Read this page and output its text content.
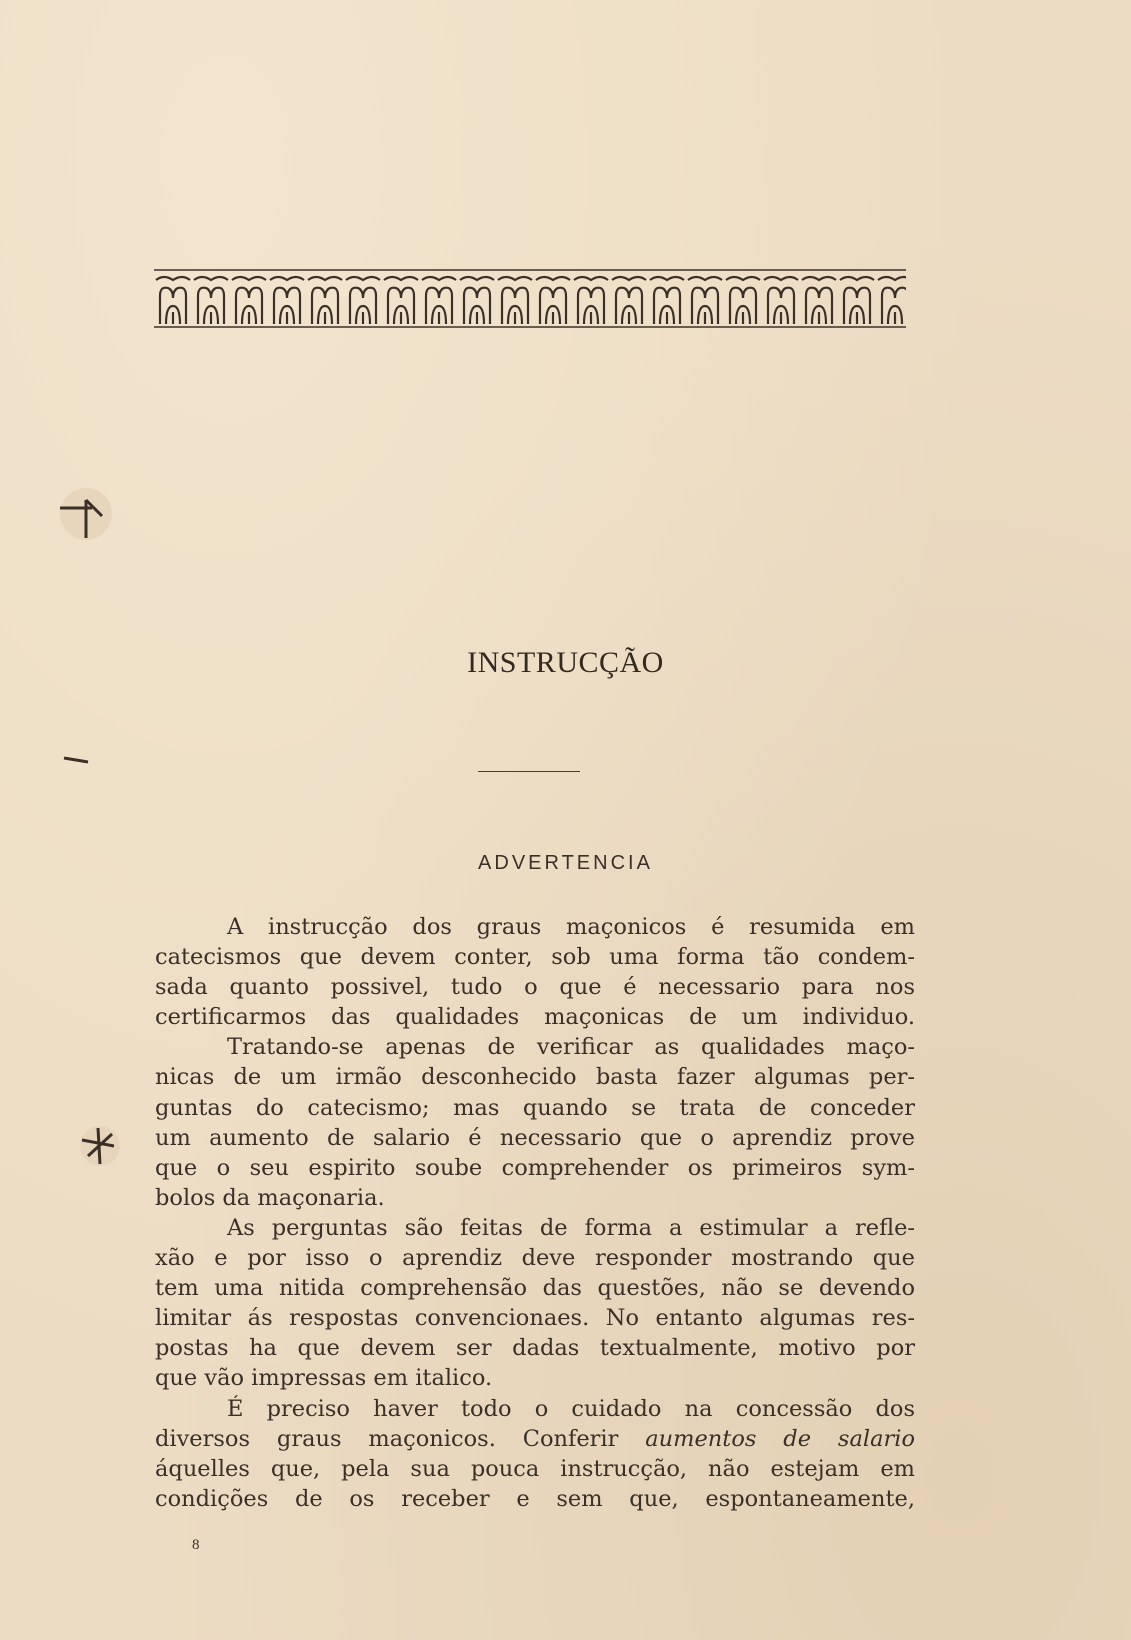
INSTRUCÇÃO
ADVERTENCIA
A instrucção dos graus maçonicos é resumida em
catecismos que devem conter, sob uma forma tão condem-
sada quanto possivel, tudo o que é necessario para nos
certificarmos das qualidades maçonicas de um individuo.
Tratando-se apenas de verificar as qualidades maço-
nicas de um irmão desconhecido basta fazer algumas per-
guntas do catecismo; mas quando se trata de conceder
um aumento de salario é necessario que o aprendiz prove
que o seu espirito soube comprehender os primeiros sym-
bolos da maçonaria.
As perguntas são feitas de forma a estimular a refle-
xão e por isso o aprendiz deve responder mostrando que
tem uma nitida comprehensão das questões, não se devendo
limitar ás respostas convencionaes. No entanto algumas res-
postas ha que devem ser dadas textualmente, motivo por
que vão impressas em italico.
É preciso haver todo o cuidado na concessão dos
diversos graus maçonicos. Conferir aumentos de salario
áquelles que, pela sua pouca instrucção, não estejam em
condições de os receber e sem que, espontaneamente,
8
